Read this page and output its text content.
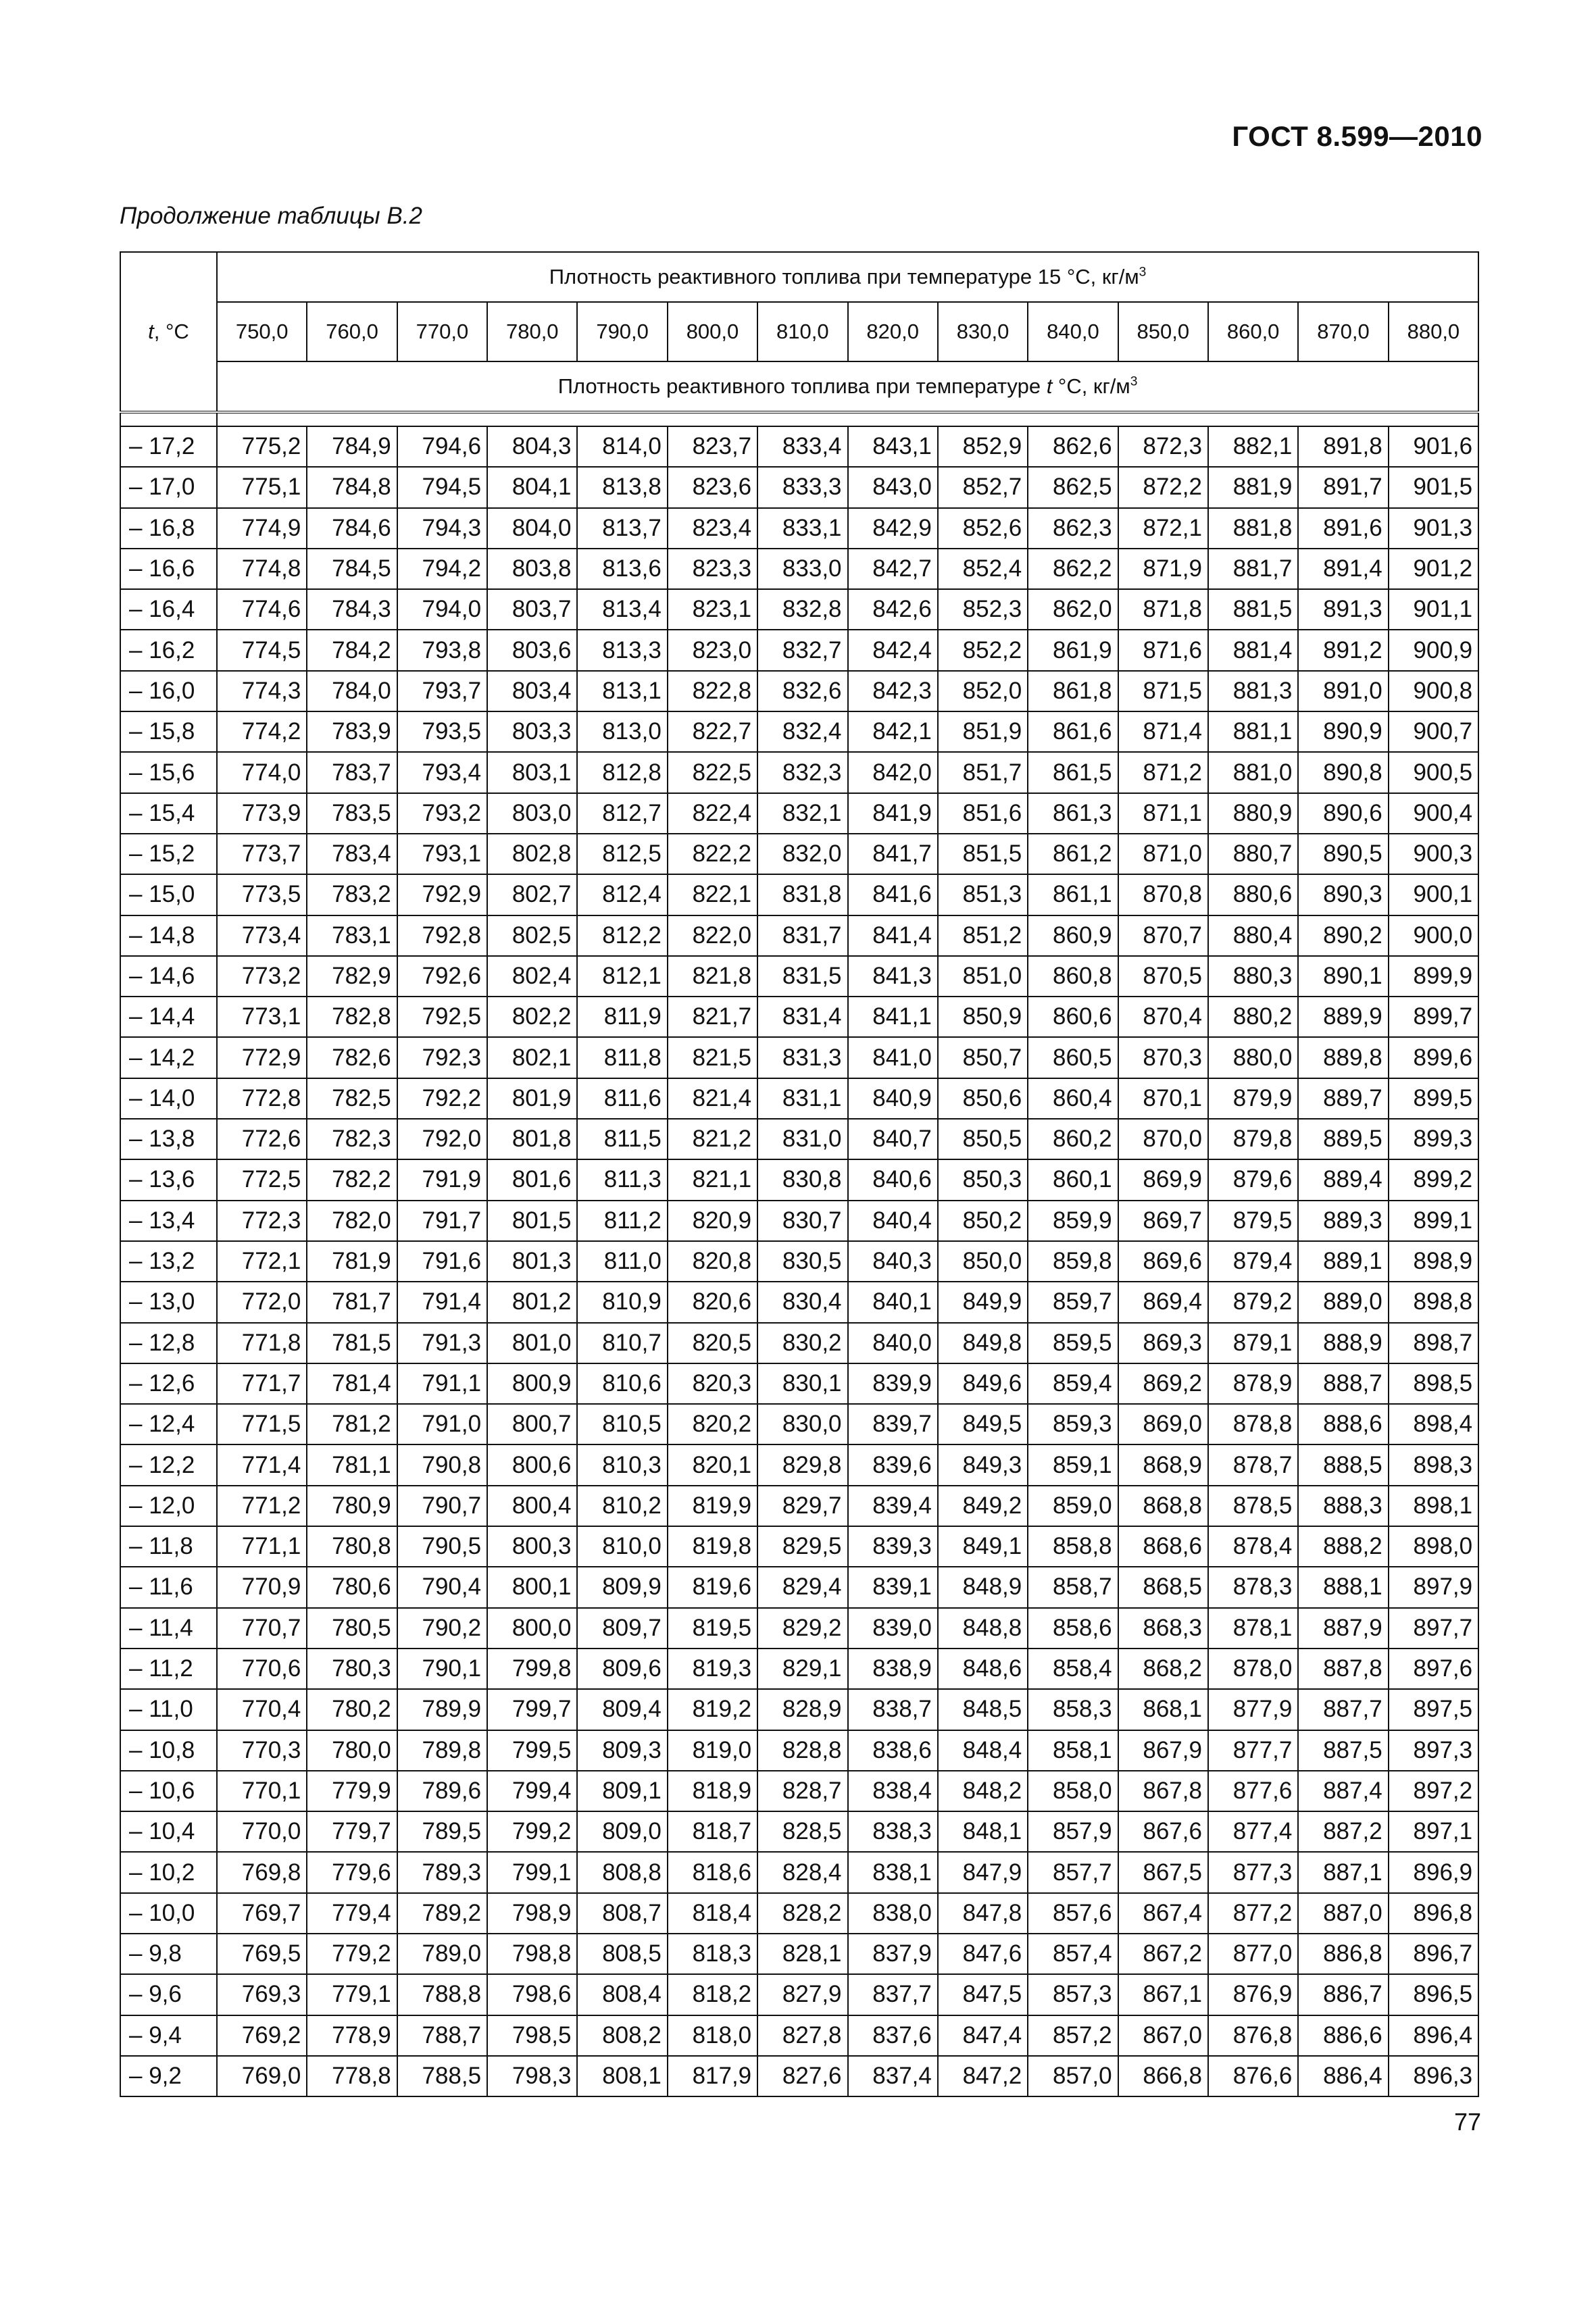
ГОСТ 8.599—2010
Продолжение таблицы В.2
t, °C	Плотность реактивного топлива при температуре 15 °С, $кг/м^3$
	750,0	760,0	770,0	780,0	790,0	800,0	810,0	820,0	830,0	840,0	850,0	860,0	870,0	880,0
	Плотность реактивного топлива при температуре t °С, $кг/м^3$

– 17,2	775,2	784,9	794,6	804,3	814,0	823,7	833,4	843,1	852,9	862,6	872,3	882,1	891,8	901,6
– 17,0	775,1	784,8	794,5	804,1	813,8	823,6	833,3	843,0	852,7	862,5	872,2	881,9	891,7	901,5
– 16,8	774,9	784,6	794,3	804,0	813,7	823,4	833,1	842,9	852,6	862,3	872,1	881,8	891,6	901,3
– 16,6	774,8	784,5	794,2	803,8	813,6	823,3	833,0	842,7	852,4	862,2	871,9	881,7	891,4	901,2
– 16,4	774,6	784,3	794,0	803,7	813,4	823,1	832,8	842,6	852,3	862,0	871,8	881,5	891,3	901,1
– 16,2	774,5	784,2	793,8	803,6	813,3	823,0	832,7	842,4	852,2	861,9	871,6	881,4	891,2	900,9
– 16,0	774,3	784,0	793,7	803,4	813,1	822,8	832,6	842,3	852,0	861,8	871,5	881,3	891,0	900,8
– 15,8	774,2	783,9	793,5	803,3	813,0	822,7	832,4	842,1	851,9	861,6	871,4	881,1	890,9	900,7
– 15,6	774,0	783,7	793,4	803,1	812,8	822,5	832,3	842,0	851,7	861,5	871,2	881,0	890,8	900,5
– 15,4	773,9	783,5	793,2	803,0	812,7	822,4	832,1	841,9	851,6	861,3	871,1	880,9	890,6	900,4
– 15,2	773,7	783,4	793,1	802,8	812,5	822,2	832,0	841,7	851,5	861,2	871,0	880,7	890,5	900,3
– 15,0	773,5	783,2	792,9	802,7	812,4	822,1	831,8	841,6	851,3	861,1	870,8	880,6	890,3	900,1
– 14,8	773,4	783,1	792,8	802,5	812,2	822,0	831,7	841,4	851,2	860,9	870,7	880,4	890,2	900,0
– 14,6	773,2	782,9	792,6	802,4	812,1	821,8	831,5	841,3	851,0	860,8	870,5	880,3	890,1	899,9
– 14,4	773,1	782,8	792,5	802,2	811,9	821,7	831,4	841,1	850,9	860,6	870,4	880,2	889,9	899,7
– 14,2	772,9	782,6	792,3	802,1	811,8	821,5	831,3	841,0	850,7	860,5	870,3	880,0	889,8	899,6
– 14,0	772,8	782,5	792,2	801,9	811,6	821,4	831,1	840,9	850,6	860,4	870,1	879,9	889,7	899,5
– 13,8	772,6	782,3	792,0	801,8	811,5	821,2	831,0	840,7	850,5	860,2	870,0	879,8	889,5	899,3
– 13,6	772,5	782,2	791,9	801,6	811,3	821,1	830,8	840,6	850,3	860,1	869,9	879,6	889,4	899,2
– 13,4	772,3	782,0	791,7	801,5	811,2	820,9	830,7	840,4	850,2	859,9	869,7	879,5	889,3	899,1
– 13,2	772,1	781,9	791,6	801,3	811,0	820,8	830,5	840,3	850,0	859,8	869,6	879,4	889,1	898,9
– 13,0	772,0	781,7	791,4	801,2	810,9	820,6	830,4	840,1	849,9	859,7	869,4	879,2	889,0	898,8
– 12,8	771,8	781,5	791,3	801,0	810,7	820,5	830,2	840,0	849,8	859,5	869,3	879,1	888,9	898,7
– 12,6	771,7	781,4	791,1	800,9	810,6	820,3	830,1	839,9	849,6	859,4	869,2	878,9	888,7	898,5
– 12,4	771,5	781,2	791,0	800,7	810,5	820,2	830,0	839,7	849,5	859,3	869,0	878,8	888,6	898,4
– 12,2	771,4	781,1	790,8	800,6	810,3	820,1	829,8	839,6	849,3	859,1	868,9	878,7	888,5	898,3
– 12,0	771,2	780,9	790,7	800,4	810,2	819,9	829,7	839,4	849,2	859,0	868,8	878,5	888,3	898,1
– 11,8	771,1	780,8	790,5	800,3	810,0	819,8	829,5	839,3	849,1	858,8	868,6	878,4	888,2	898,0
– 11,6	770,9	780,6	790,4	800,1	809,9	819,6	829,4	839,1	848,9	858,7	868,5	878,3	888,1	897,9
– 11,4	770,7	780,5	790,2	800,0	809,7	819,5	829,2	839,0	848,8	858,6	868,3	878,1	887,9	897,7
– 11,2	770,6	780,3	790,1	799,8	809,6	819,3	829,1	838,9	848,6	858,4	868,2	878,0	887,8	897,6
– 11,0	770,4	780,2	789,9	799,7	809,4	819,2	828,9	838,7	848,5	858,3	868,1	877,9	887,7	897,5
– 10,8	770,3	780,0	789,8	799,5	809,3	819,0	828,8	838,6	848,4	858,1	867,9	877,7	887,5	897,3
– 10,6	770,1	779,9	789,6	799,4	809,1	818,9	828,7	838,4	848,2	858,0	867,8	877,6	887,4	897,2
– 10,4	770,0	779,7	789,5	799,2	809,0	818,7	828,5	838,3	848,1	857,9	867,6	877,4	887,2	897,1
– 10,2	769,8	779,6	789,3	799,1	808,8	818,6	828,4	838,1	847,9	857,7	867,5	877,3	887,1	896,9
– 10,0	769,7	779,4	789,2	798,9	808,7	818,4	828,2	838,0	847,8	857,6	867,4	877,2	887,0	896,8
– 9,8	769,5	779,2	789,0	798,8	808,5	818,3	828,1	837,9	847,6	857,4	867,2	877,0	886,8	896,7
– 9,6	769,3	779,1	788,8	798,6	808,4	818,2	827,9	837,7	847,5	857,3	867,1	876,9	886,7	896,5
– 9,4	769,2	778,9	788,7	798,5	808,2	818,0	827,8	837,6	847,4	857,2	867,0	876,8	886,6	896,4
– 9,2	769,0	778,8	788,5	798,3	808,1	817,9	827,6	837,4	847,2	857,0	866,8	876,6	886,4	896,3
77
